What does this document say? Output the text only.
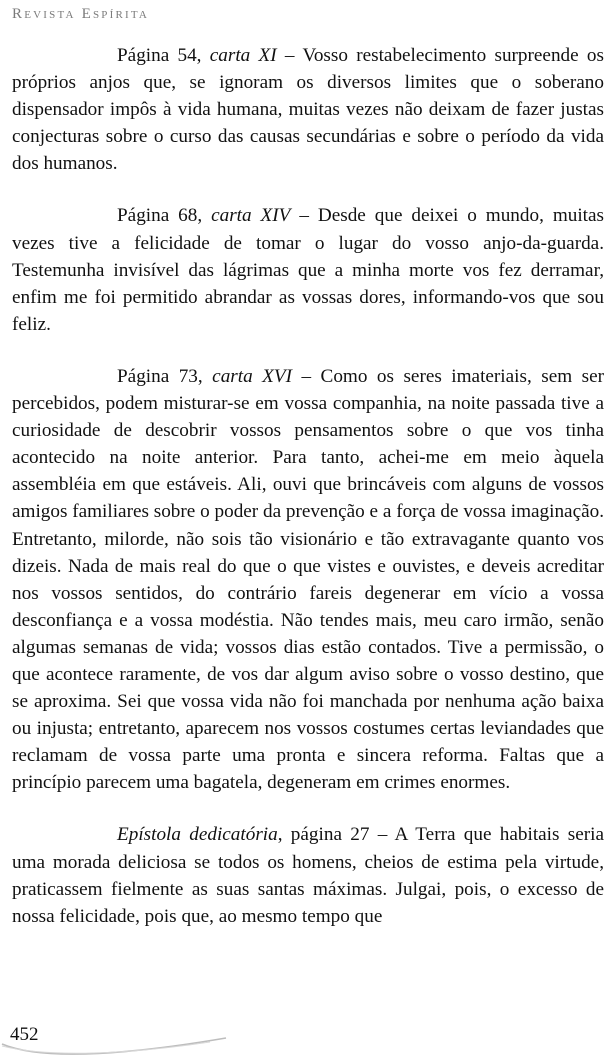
Revista Espírita

Página 54, carta XI – Vosso restabelecimento surpreende os próprios anjos que, se ignoram os diversos limites que o soberano dispensador impôs à vida humana, muitas vezes não deixam de fazer justas conjecturas sobre o curso das causas secundárias e sobre o período da vida dos humanos.

Página 68, carta XIV – Desde que deixei o mundo, muitas vezes tive a felicidade de tomar o lugar do vosso anjo-da-guarda. Testemunha invisível das lágrimas que a minha morte vos fez derramar, enfim me foi permitido abrandar as vossas dores, informando-vos que sou feliz.

Página 73, carta XVI – Como os seres imateriais, sem ser percebidos, podem misturar-se em vossa companhia, na noite passada tive a curiosidade de descobrir vossos pensamentos sobre o que vos tinha acontecido na noite anterior. Para tanto, achei-me em meio àquela assembléia em que estáveis. Ali, ouvi que brincáveis com alguns de vossos amigos familiares sobre o poder da prevenção e a força de vossa imaginação. Entretanto, milorde, não sois tão visionário e tão extravagante quanto vos dizeis. Nada de mais real do que o que vistes e ouvistes, e deveis acreditar nos vossos sentidos, do contrário fareis degenerar em vício a vossa desconfiança e a vossa modéstia. Não tendes mais, meu caro irmão, senão algumas semanas de vida; vossos dias estão contados. Tive a permissão, o que acontece raramente, de vos dar algum aviso sobre o vosso destino, que se aproxima. Sei que vossa vida não foi manchada por nenhuma ação baixa ou injusta; entretanto, aparecem nos vossos costumes certas leviandades que reclamam de vossa parte uma pronta e sincera reforma. Faltas que a princípio parecem uma bagatela, degeneram em crimes enormes.

Epístola dedicatória, página 27 – A Terra que habitais seria uma morada deliciosa se todos os homens, cheios de estima pela virtude, praticassem fielmente as suas santas máximas. Julgai, pois, o excesso de nossa felicidade, pois que, ao mesmo tempo que

452
